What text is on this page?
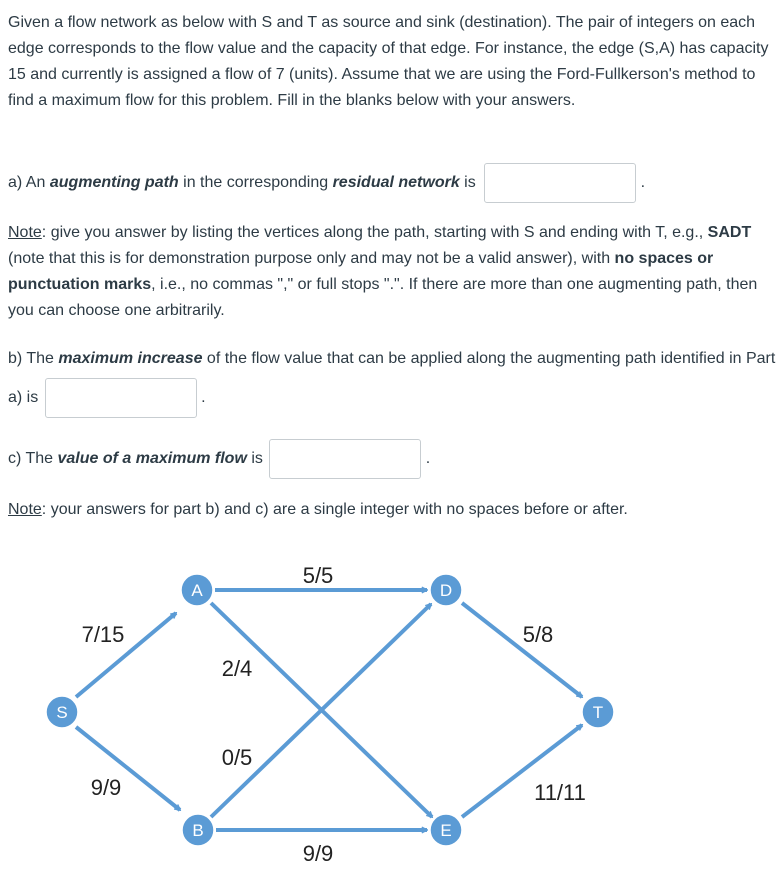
Given a flow network as below with S and T as source and sink (destination). The pair of integers on each edge corresponds to the flow value and the capacity of that edge. For instance, the edge (S,A) has capacity 15 and currently is assigned a flow of 7 (units). Assume that we are using the Ford-Fullkerson's method to find a maximum flow for this problem. Fill in the blanks below with your answers.

a) An augmenting path in the corresponding residual network is	.

Note: give you answer by listing the vertices along the path, starting with S and ending with T, e.g., SADT (note that this is for demonstration purpose only and may not be a valid answer), with no spaces or punctuation marks, i.e., no commas "," or full stops ".". If there are more than one augmenting path, then you can choose one arbitrarily.

b) The maximum increase of the flow value that can be applied along the augmenting path identified in Part a) is	.

c) The value of a maximum flow is	.

Note: your answers for part b) and c) are a single integer with no spaces before or after.

7/15
9/9
5/5
2/4
0/5
9/9
5/8
11/11
S
A
B
D
E
T
